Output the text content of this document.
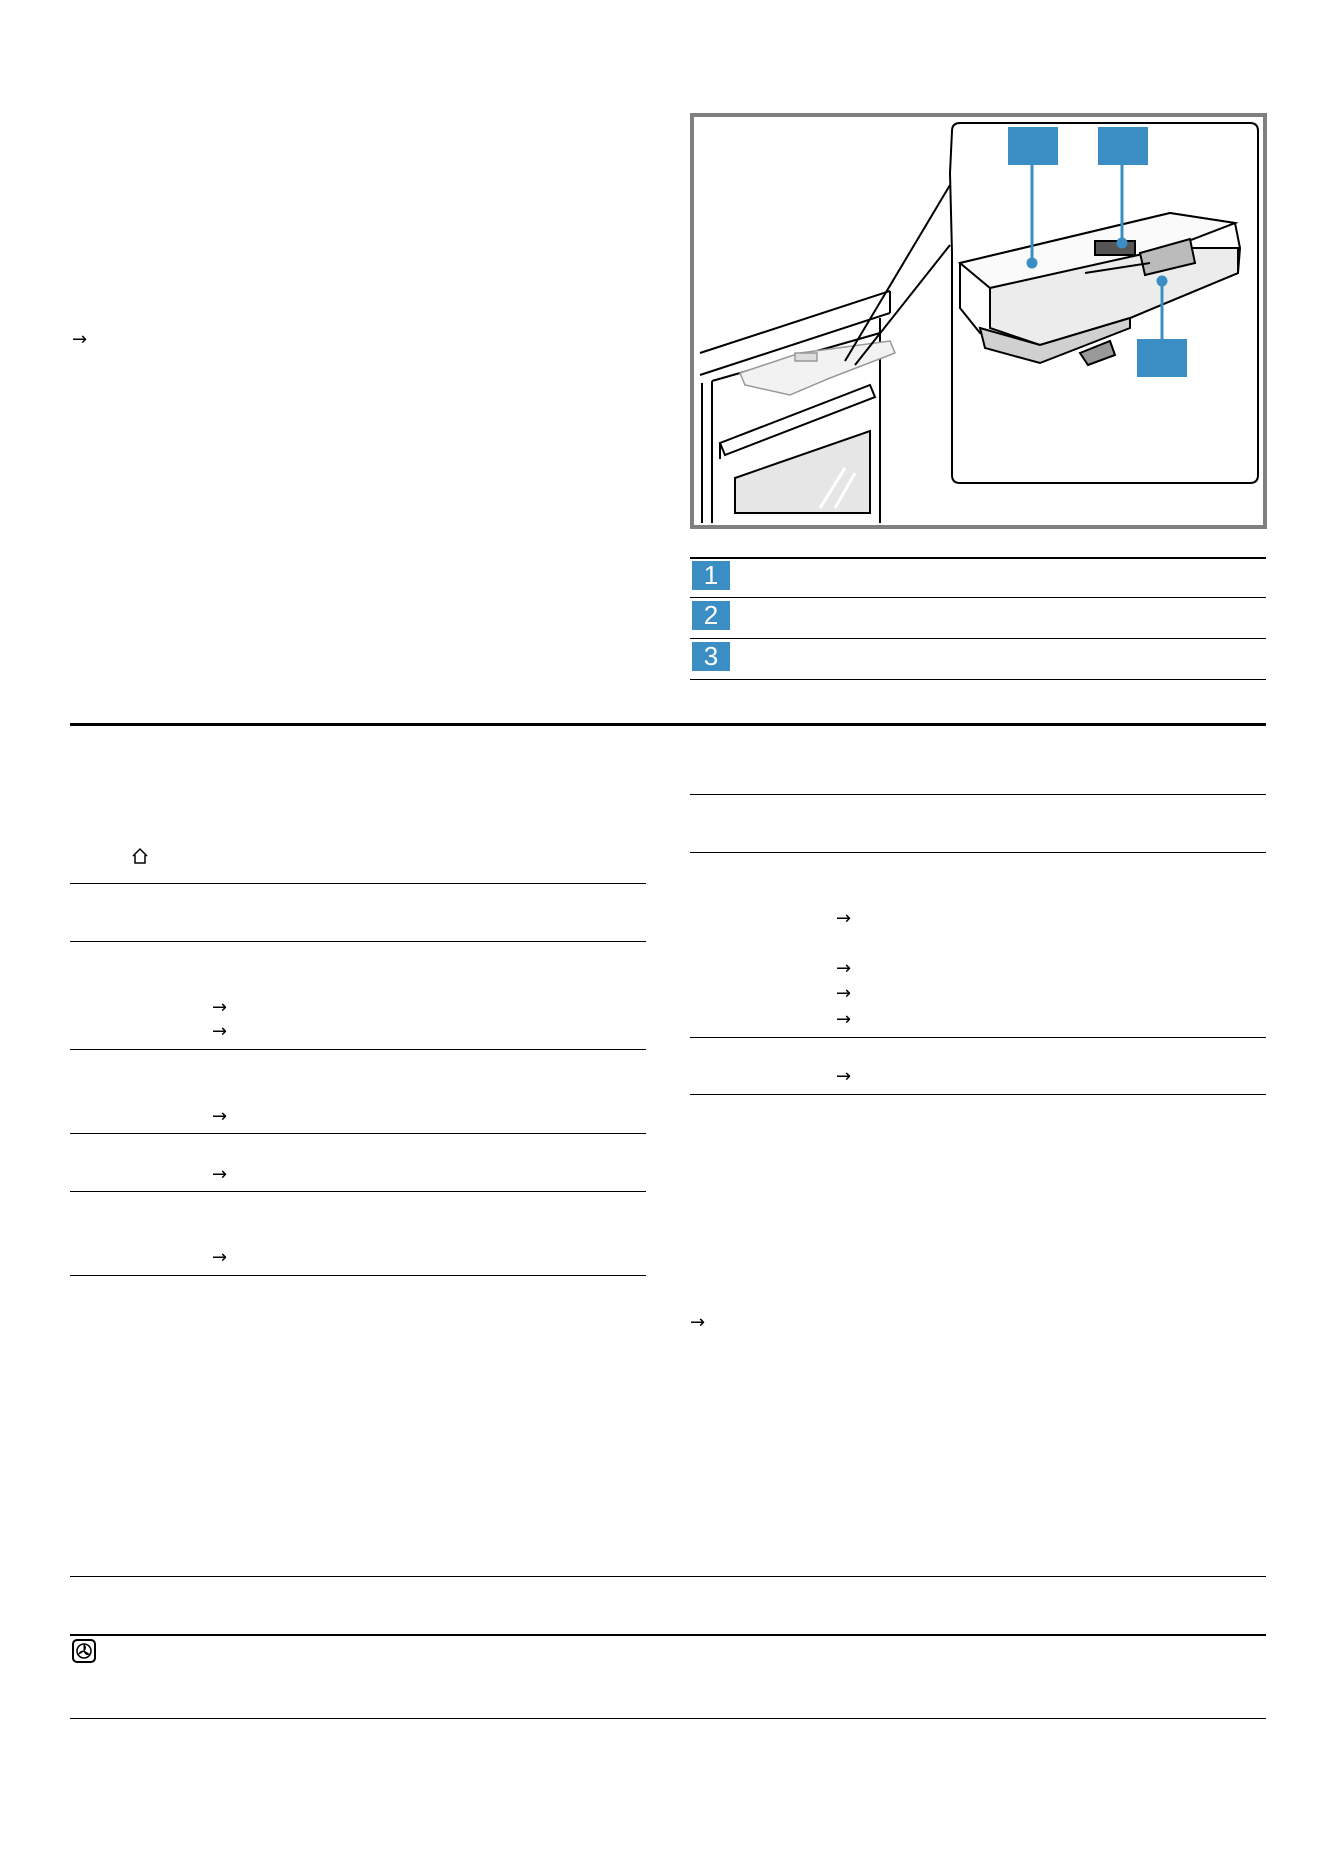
→
1
2
3
→
→
→
→
→
→
→
→
→
→
→
